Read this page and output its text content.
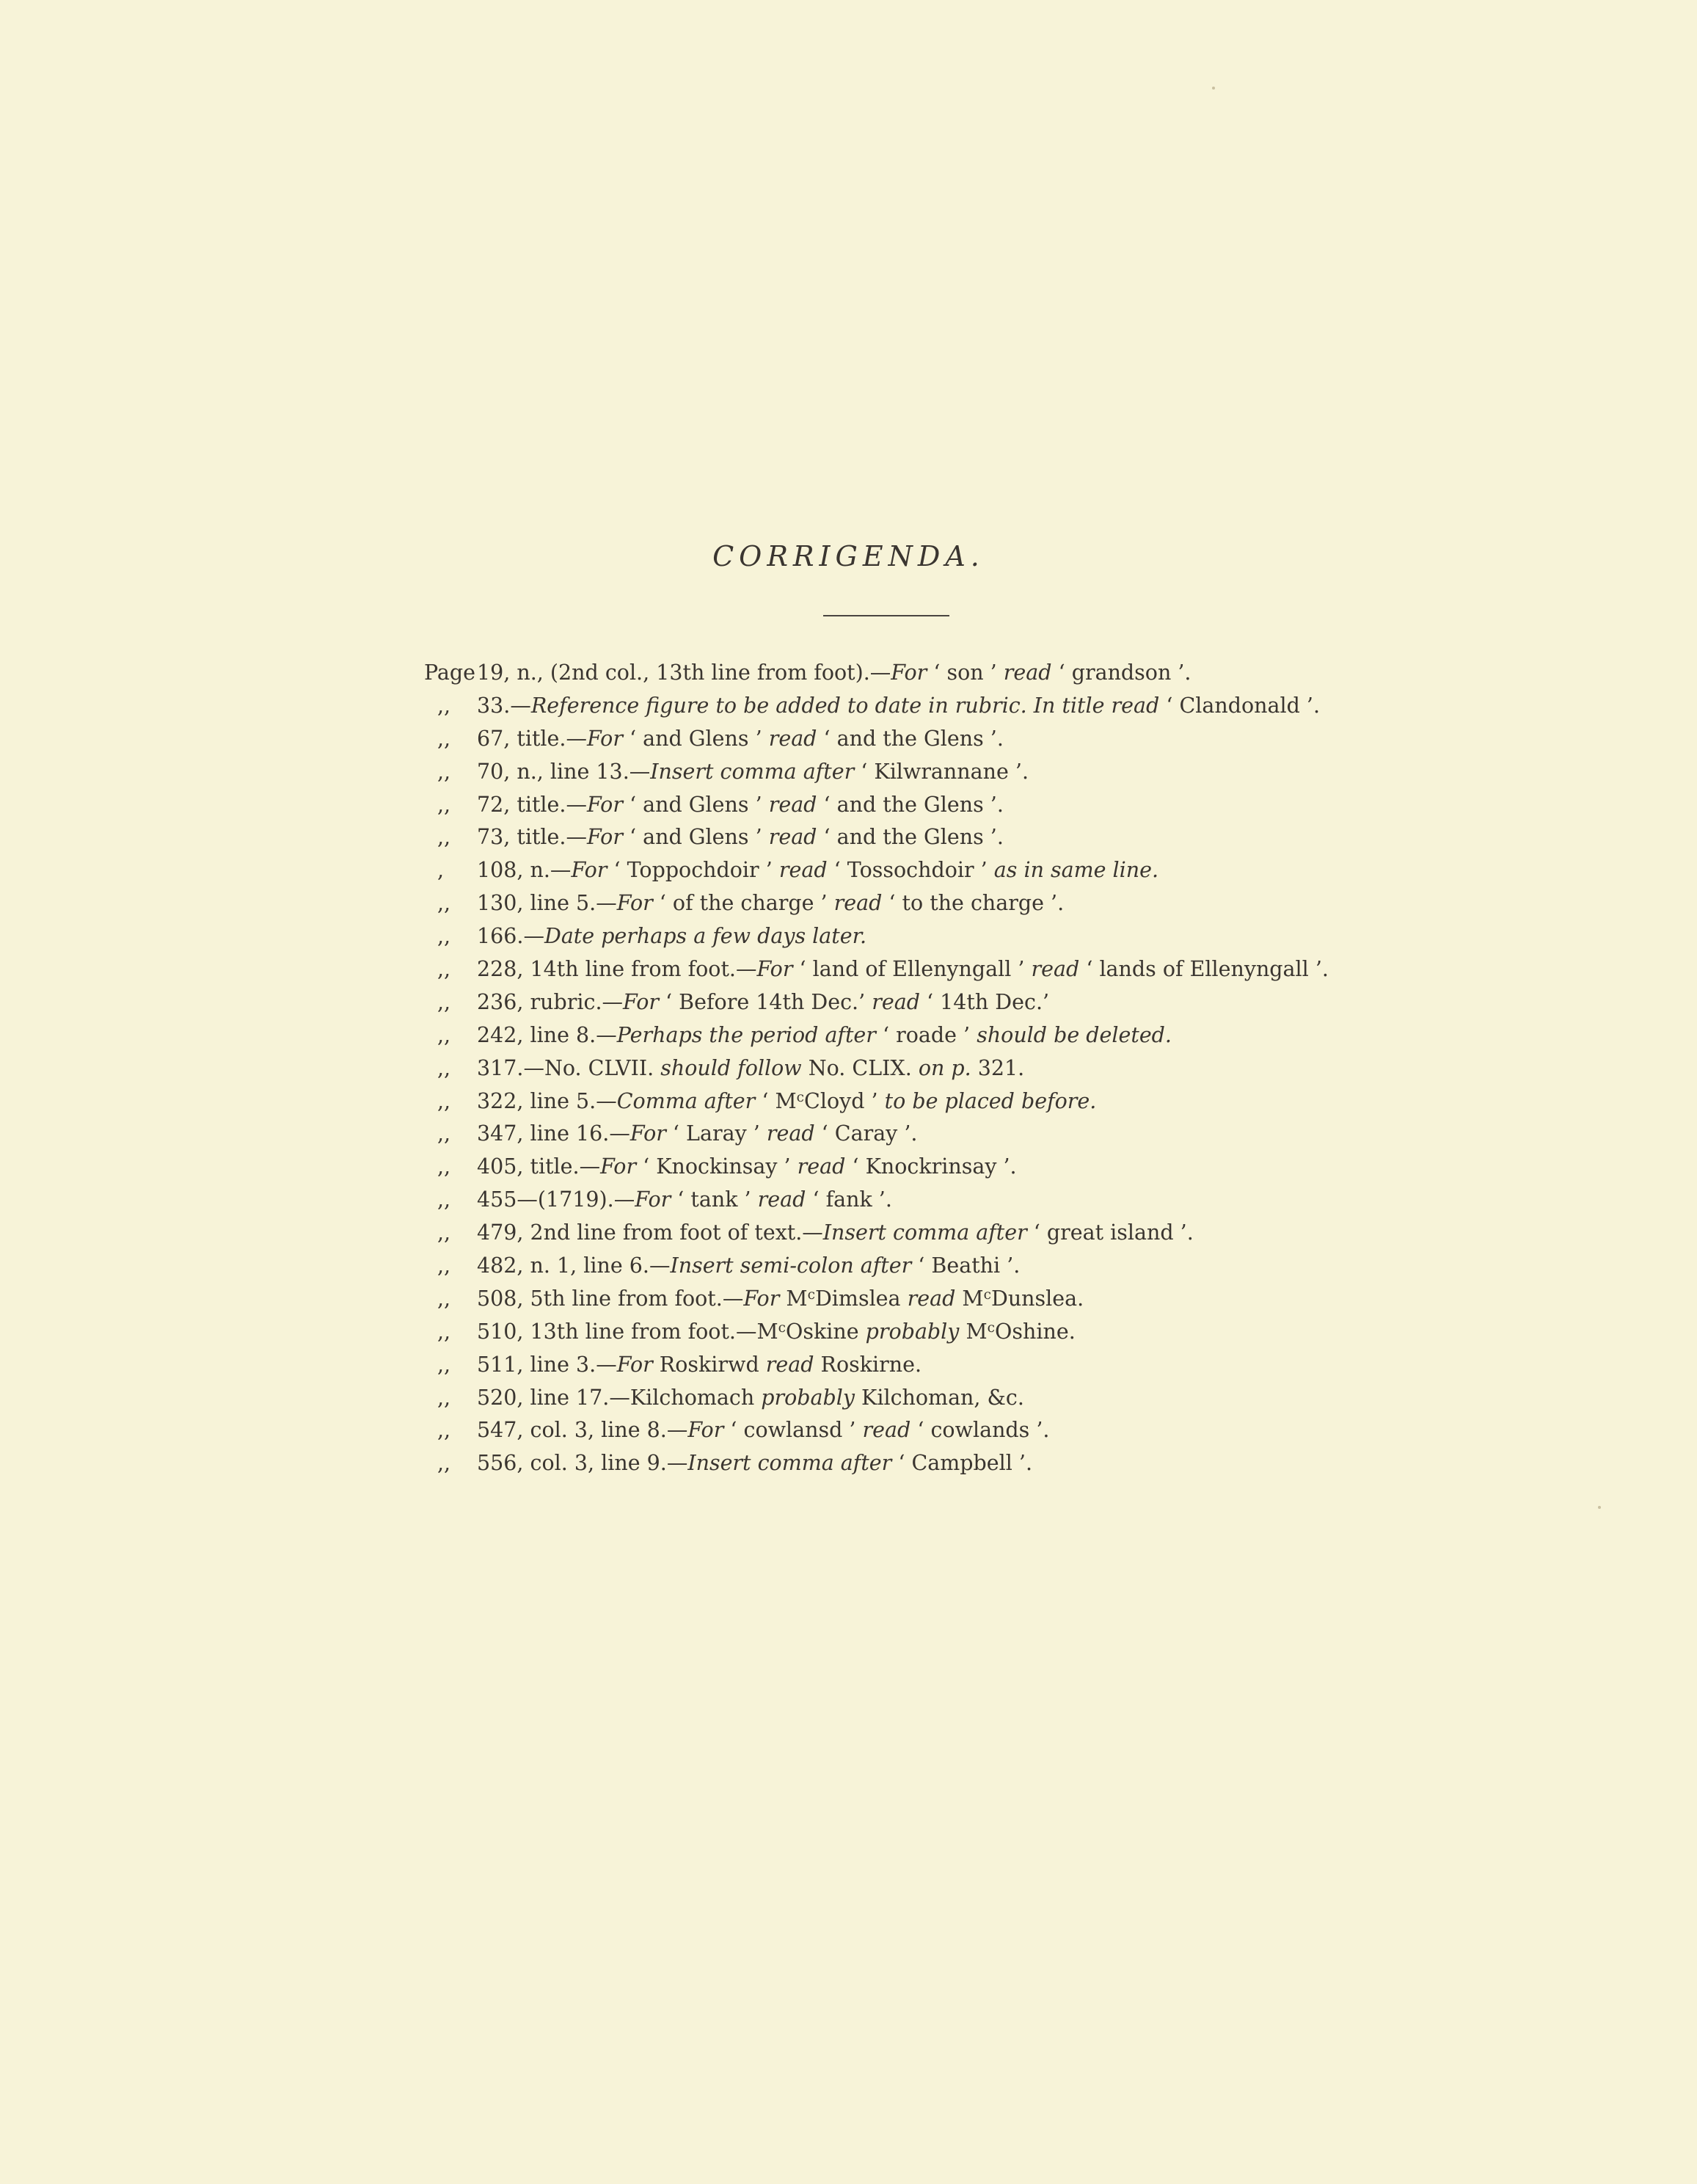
CORRIGENDA.
Page19, n., (2nd col., 13th line from foot).—For ‘ son ’ read ‘ grandson ’.
,, 33.—Reference figure to be added to date in rubric. In title read ‘ Clandonald ’.
,, 67, title.—For ‘ and Glens ’ read ‘ and the Glens ’.
,, 70, n., line 13.—Insert comma after ‘ Kilwrannane ’.
,, 72, title.—For ‘ and Glens ’ read ‘ and the Glens ’.
,, 73, title.—For ‘ and Glens ’ read ‘ and the Glens ’.
, 108, n.—For ‘ Toppochdoir ’ read ‘ Tossochdoir ’ as in same line.
,, 130, line 5.—For ‘ of the charge ’ read ‘ to the charge ’.
,, 166.—Date perhaps a few days later.
,, 228, 14th line from foot.—For ‘ land of Ellenyngall ’ read ‘ lands of Ellenyngall ’.
,, 236, rubric.—For ‘ Before 14th Dec.’ read ‘ 14th Dec.’
,, 242, line 8.—Perhaps the period after ‘ roade ’ should be deleted.
,, 317.—No. CLVII. should follow No. CLIX. on p. 321.
,, 322, line 5.—Comma after ‘ $M^cCloyd$ ’ to be placed before.
,, 347, line 16.—For ‘ Laray ’ read ‘ Caray ’.
,, 405, title.—For ‘ Knockinsay ’ read ‘ Knockrinsay ’.
,, 455—(1719).—For ‘ tank ’ read ‘ fank ’.
,, 479, 2nd line from foot of text.—Insert comma after ‘ great island ’.
,, 482, n. 1, line 6.—Insert semi-colon after ‘ Beathi ’.
,, 508, 5th line from foot.—For $M^cDimslea$ read $M^cDunslea$.
,, 510, 13th line from $foot.—M^cOskine$ probably $M^cOshine$.
,, 511, line 3.—For Roskirwd read Roskirne.
,, 520, line 17.—Kilchomach probably Kilchoman, &c.
,, 547, col. 3, line 8.—For ‘ cowlansd ’ read ‘ cowlands ’.
,, 556, col. 3, line 9.—Insert comma after ‘ Campbell ’.
